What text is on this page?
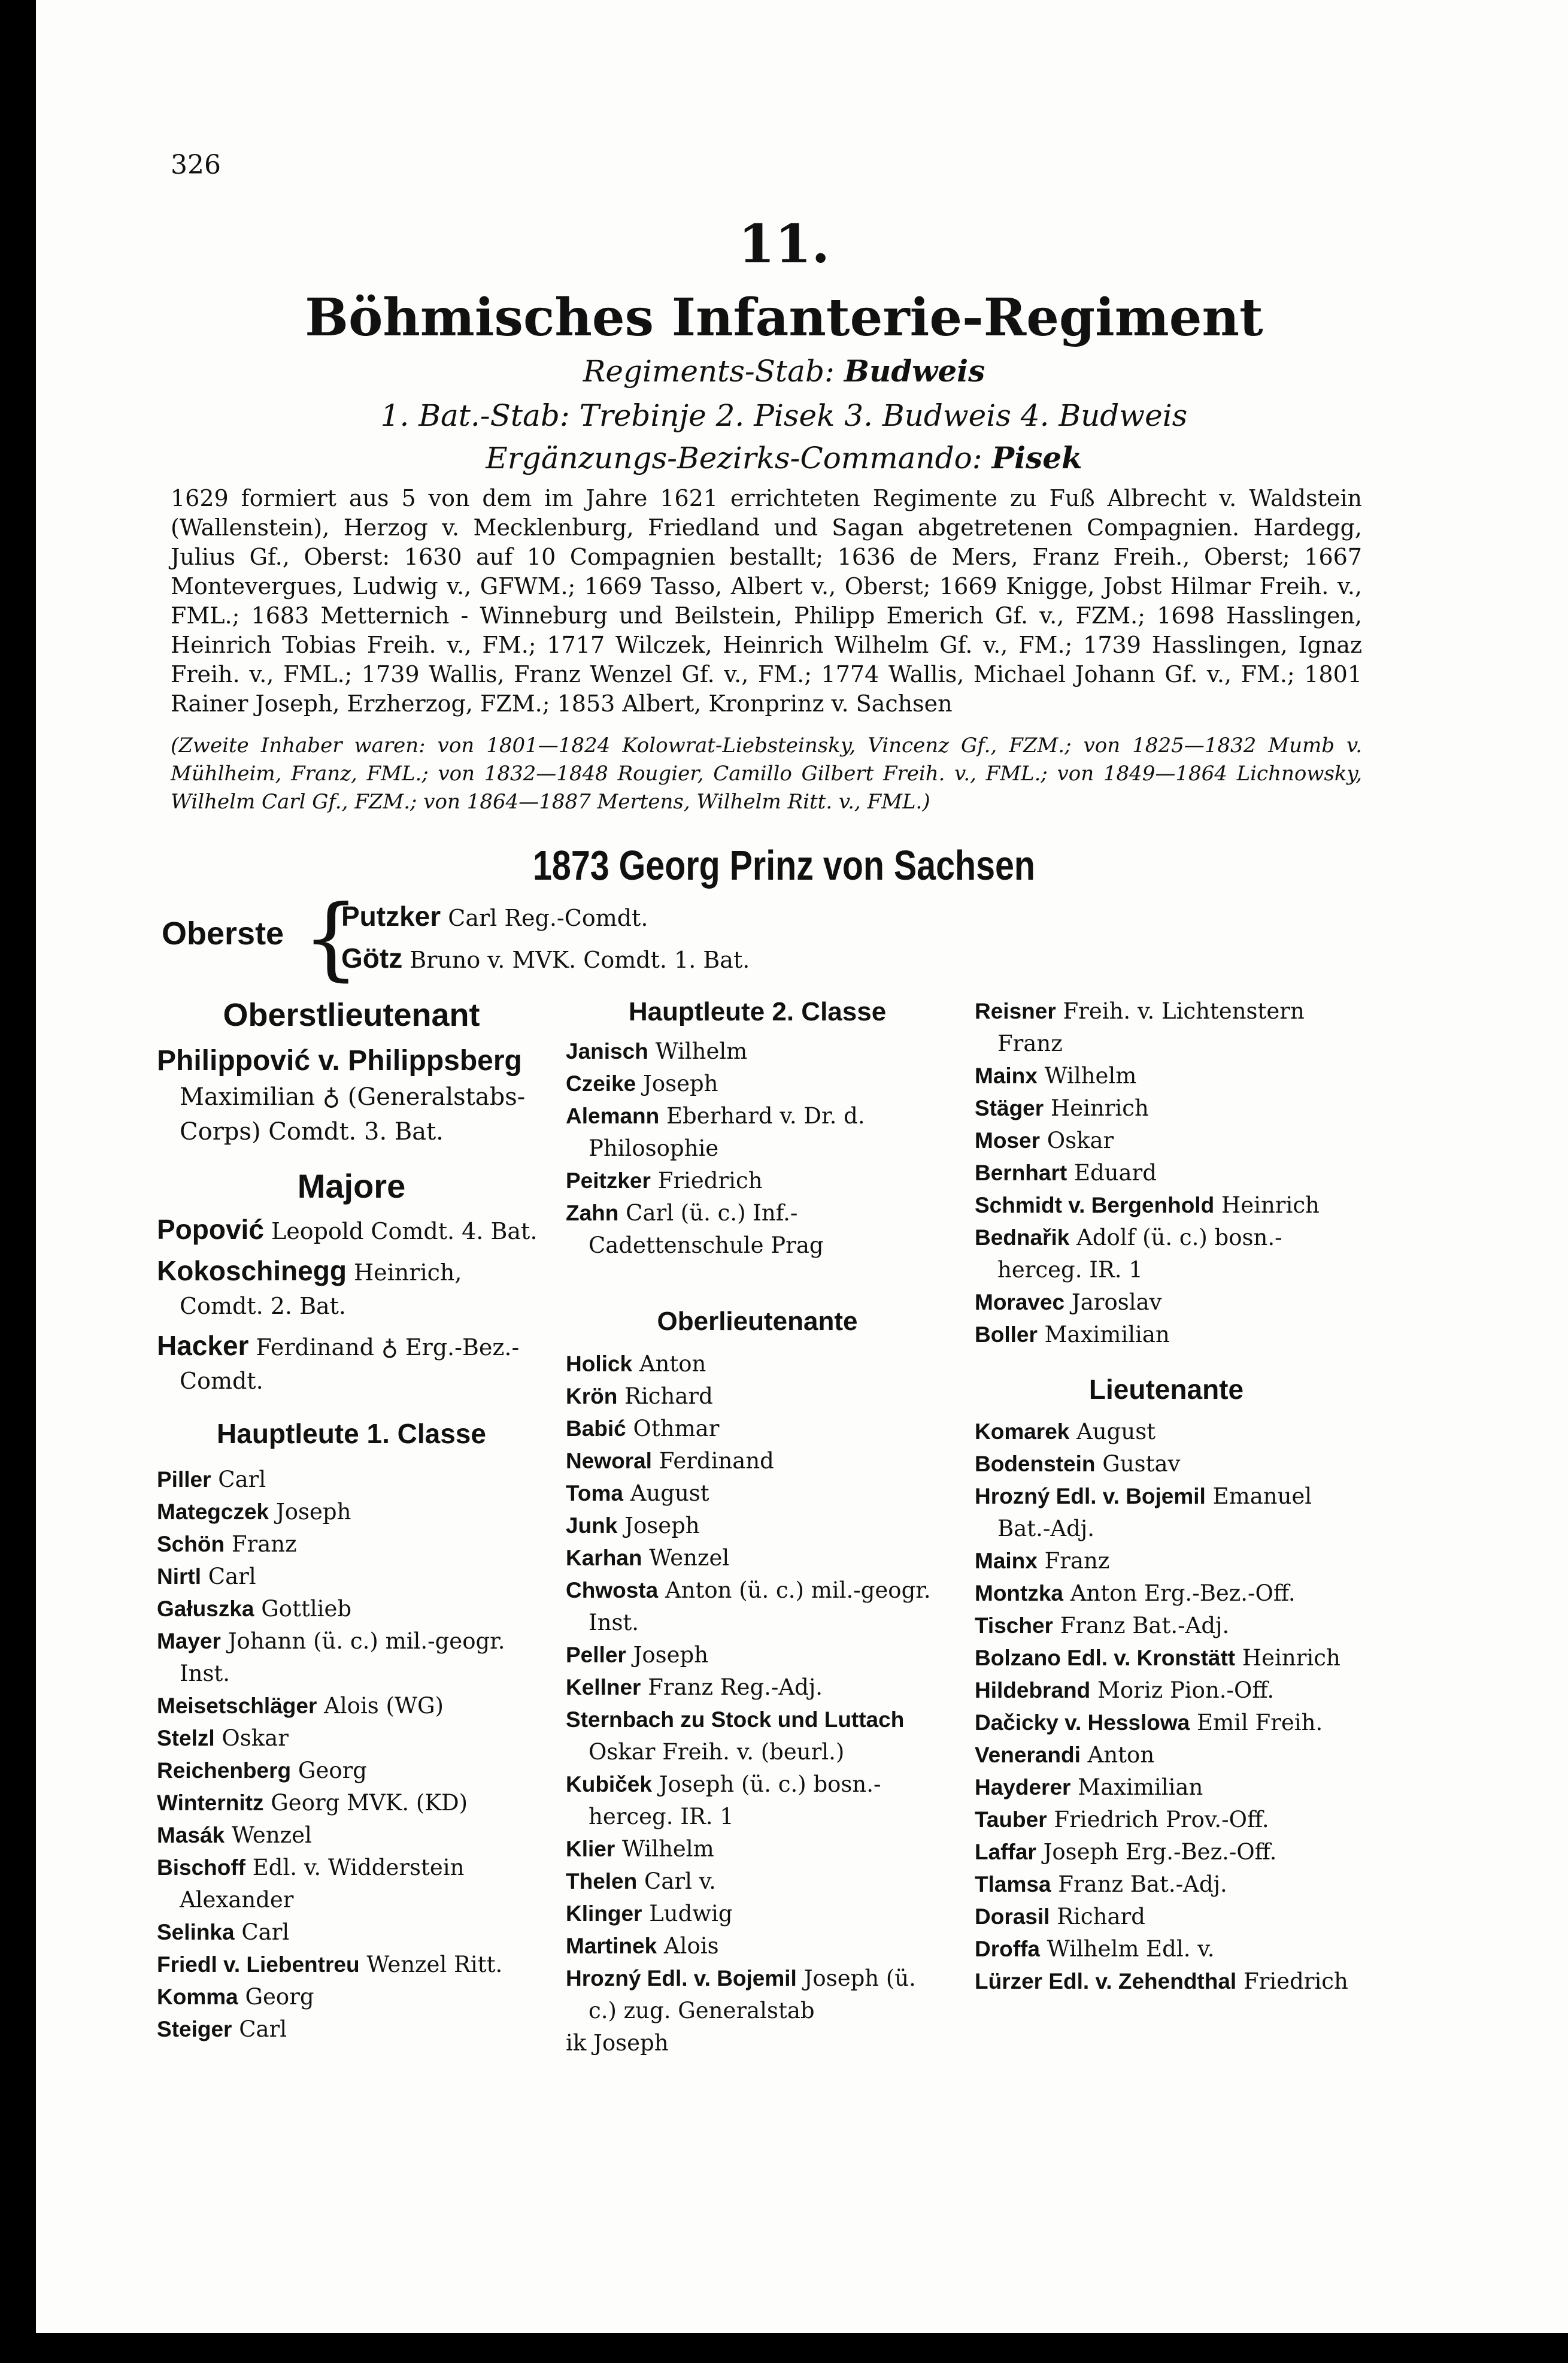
326
11.
Böhmisches Infanterie-Regiment
Regiments-Stab: Budweis
1. Bat.-Stab: Trebinje 2. Pisek 3. Budweis 4. Budweis
Ergänzungs-Bezirks-Commando: Pisek
1629 formiert aus 5 von dem im Jahre 1621 errichteten Regimente zu Fuß Albrecht v. Waldstein (Wallenstein), Herzog v. Mecklenburg, Friedland und Sagan abgetretenen Compagnien. Hardegg, Julius Gf., Oberst: 1630 auf 10 Compagnien bestallt; 1636 de Mers, Franz Freih., Oberst; 1667 Montevergues, Ludwig v., GFWM.; 1669 Tasso, Albert v., Oberst; 1669 Knigge, Jobst Hilmar Freih. v., FML.; 1683 Metternich - Winneburg und Beilstein, Philipp Emerich Gf. v., FZM.; 1698 Hasslingen, Heinrich Tobias Freih. v., FM.; 1717 Wilczek, Heinrich Wilhelm Gf. v., FM.; 1739 Hasslingen, Ignaz Freih. v., FML.; 1739 Wallis, Franz Wenzel Gf. v., FM.; 1774 Wallis, Michael Johann Gf. v., FM.; 1801 Rainer Joseph, Erzherzog, FZM.; 1853 Albert, Kronprinz v. Sachsen
(Zweite Inhaber waren: von 1801—1824 Kolowrat-Liebsteinsky, Vincenz Gf., FZM.; von 1825—1832 Mumb v. Mühlheim, Franz, FML.; von 1832—1848 Rougier, Camillo Gilbert Freih. v., FML.; von 1849—1864 Lichnowsky, Wilhelm Carl Gf., FZM.; von 1864—1887 Mertens, Wilhelm Ritt. v., FML.)
1873 Georg Prinz von Sachsen
Oberste {
Putzker Carl Reg.-Comdt.
Götz Bruno v. MVK. Comdt. 1. Bat.
Oberstlieutenant
Philippović v. Philippsberg Maximilian ♁ (Generalstabs-Corps) Comdt. 3. Bat.
Majore
Popović Leopold Comdt. 4. Bat.
Kokoschinegg Heinrich, Comdt. 2. Bat.
Hacker Ferdinand ♁ Erg.-Bez.-Comdt.
Hauptleute 1. Classe
Piller Carl
Mategczek Joseph
Schön Franz
Nirtl Carl
Gałuszka Gottlieb
Mayer Johann (ü. c.) mil.-geogr. Inst.
Meisetschläger Alois (WG)
Stelzl Oskar
Reichenberg Georg
Winternitz Georg MVK. (KD)
Masák Wenzel
Bischoff Edl. v. Widderstein Alexander
Selinka Carl
Friedl v. Liebentreu Wenzel Ritt.
Komma Georg
Steiger Carl
Hauptleute 2. Classe
Janisch Wilhelm
Czeike Joseph
Alemann Eberhard v. Dr. d. Philosophie
Peitzker Friedrich
Zahn Carl (ü. c.) Inf.-Cadettenschule Prag
Oberlieutenante
Holick Anton
Krön Richard
Babić Othmar
Neworal Ferdinand
Toma August
Junk Joseph
Karhan Wenzel
Chwosta Anton (ü. c.) mil.-geogr. Inst.
Peller Joseph
Kellner Franz Reg.-Adj.
Sternbach zu Stock und Luttach Oskar Freih. v. (beurl.)
Kubiček Joseph (ü. c.) bosn.-herceg. IR. 1
Klier Wilhelm
Thelen Carl v.
Klinger Ludwig
Martinek Alois
Hrozný Edl. v. Bojemil Joseph (ü. c.) zug. Generalstab
ik Joseph
Reisner Freih. v. Lichtenstern Franz
Mainx Wilhelm
Stäger Heinrich
Moser Oskar
Bernhart Eduard
Schmidt v. Bergenhold Heinrich
Bednařik Adolf (ü. c.) bosn.-herceg. IR. 1
Moravec Jaroslav
Boller Maximilian
Lieutenante
Komarek August
Bodenstein Gustav
Hrozný Edl. v. Bojemil Emanuel Bat.-Adj.
Mainx Franz
Montzka Anton Erg.-Bez.-Off.
Tischer Franz Bat.-Adj.
Bolzano Edl. v. Kronstätt Heinrich
Hildebrand Moriz Pion.-Off.
Dačicky v. Hesslowa Emil Freih.
Venerandi Anton
Hayderer Maximilian
Tauber Friedrich Prov.-Off.
Laffar Joseph Erg.-Bez.-Off.
Tlamsa Franz Bat.-Adj.
Dorasil Richard
Droffa Wilhelm Edl. v.
Lürzer Edl. v. Zehendthal Friedrich
